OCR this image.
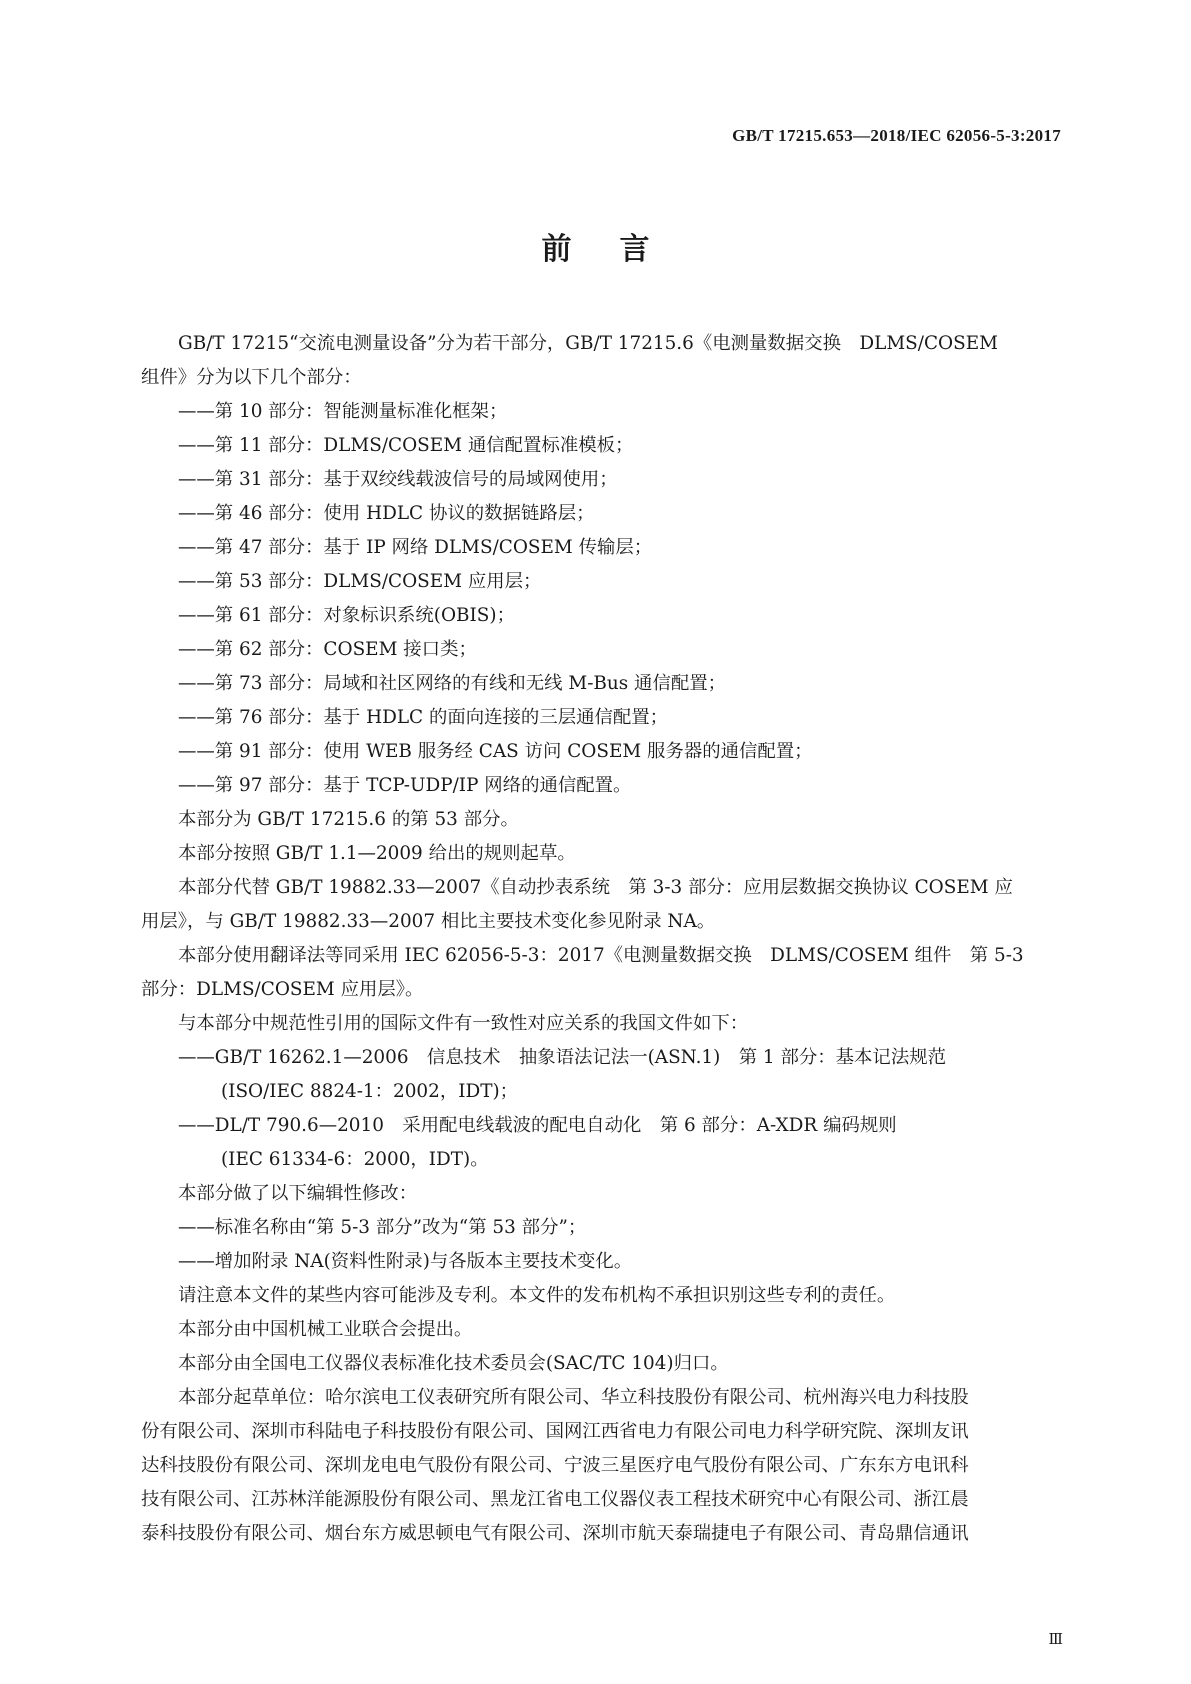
GB/T 17215.653—2018/IEC 62056-5-3:2017
前言

GB/T 17215“交流电测量设备”分为若干部分，GB/T 17215.6《电测量数据交换　DLMS/COSEM

组件》分为以下几个部分：

——第 10 部分：智能测量标准化框架；

——第 11 部分：DLMS/COSEM 通信配置标准模板；

——第 31 部分：基于双绞线载波信号的局域网使用；

——第 46 部分：使用 HDLC 协议的数据链路层；

——第 47 部分：基于 IP 网络 DLMS/COSEM 传输层；

——第 53 部分：DLMS/COSEM 应用层；

——第 61 部分：对象标识系统(OBIS)；

——第 62 部分：COSEM 接口类；

——第 73 部分：局域和社区网络的有线和无线 M-Bus 通信配置；

——第 76 部分：基于 HDLC 的面向连接的三层通信配置；

——第 91 部分：使用 WEB 服务经 CAS 访问 COSEM 服务器的通信配置；

——第 97 部分：基于 TCP-UDP/IP 网络的通信配置。

本部分为 GB/T 17215.6 的第 53 部分。

本部分按照 GB/T 1.1—2009 给出的规则起草。

本部分代替 GB/T 19882.33—2007《自动抄表系统　第 3-3 部分：应用层数据交换协议 COSEM 应

用层》，与 GB/T 19882.33—2007 相比主要技术变化参见附录 NA。

本部分使用翻译法等同采用 IEC 62056-5-3：2017《电测量数据交换　DLMS/COSEM 组件　第 5-3

部分：DLMS/COSEM 应用层》。

与本部分中规范性引用的国际文件有一致性对应关系的我国文件如下：

——GB/T 16262.1—2006　信息技术　抽象语法记法一(ASN.1)　第 1 部分：基本记法规范

(ISO/IEC 8824-1：2002，IDT)；

——DL/T 790.6—2010　采用配电线载波的配电自动化　第 6 部分：A-XDR 编码规则

(IEC 61334-6：2000，IDT)。

本部分做了以下编辑性修改：

——标准名称由“第 5-3 部分”改为“第 53 部分”；

——增加附录 NA(资料性附录)与各版本主要技术变化。

请注意本文件的某些内容可能涉及专利。本文件的发布机构不承担识别这些专利的责任。

本部分由中国机械工业联合会提出。

本部分由全国电工仪器仪表标准化技术委员会(SAC/TC 104)归口。

本部分起草单位：哈尔滨电工仪表研究所有限公司、华立科技股份有限公司、杭州海兴电力科技股

份有限公司、深圳市科陆电子科技股份有限公司、国网江西省电力有限公司电力科学研究院、深圳友讯

达科技股份有限公司、深圳龙电电气股份有限公司、宁波三星医疗电气股份有限公司、广东东方电讯科

技有限公司、江苏林洋能源股份有限公司、黑龙江省电工仪器仪表工程技术研究中心有限公司、浙江晨

泰科技股份有限公司、烟台东方威思顿电气有限公司、深圳市航天泰瑞捷电子有限公司、青岛鼎信通讯

Ⅲ
